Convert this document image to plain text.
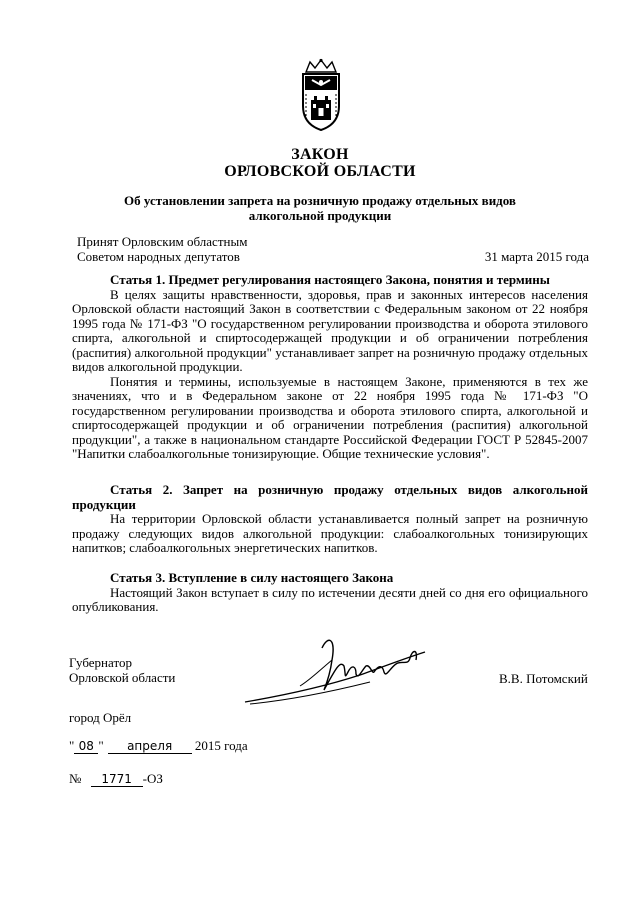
ЗАКОН
ОРЛОВСКОЙ ОБЛАСТИ
Об установлении запрета на розничную продажу отдельных видов
алкогольной продукции
Принят Орловским областным
Советом народных депутатов	31 марта 2015 года

Статья 1. Предмет регулирования настоящего Закона, понятия и термины

В целях защиты нравственности, здоровья, прав и законных интересов населения Орловской области настоящий Закон в соответствии с Федеральным законом от 22 ноября 1995 года № 171-ФЗ "О государственном регулировании производства и оборота этилового спирта, алкогольной и спиртосодержащей продукции и об ограничении потребления (распития) алкогольной продукции" устанавливает запрет на розничную продажу отдельных видов алкогольной продукции.

Понятия и термины, используемые в настоящем Законе, применяются в тех же значениях, что и в Федеральном законе от 22 ноября 1995 года № 171-ФЗ "О государственном регулировании производства и оборота этилового спирта, алкогольной и спиртосодержащей продукции и об ограничении потребления (распития) алкогольной продукции", а также в национальном стандарте Российской Федерации ГОСТ Р 52845-2007 "Напитки слабоалкогольные тонизирующие. Общие технические условия".

Статья 2. Запрет на розничную продажу отдельных видов алкогольной продукции

На территории Орловской области устанавливается полный запрет на розничную продажу следующих видов алкогольной продукции: слабоалкогольных тонизирующих напитков; слабоалкогольных энергетических напитков.

Статья 3. Вступление в силу настоящего Закона

Настоящий Закон вступает в силу по истечении десяти дней со дня его официального опубликования.

Губернатор
Орловской области	В.В. Потомский
город Орёл
" 08 " апреля 2015 года
№ 1771 -ОЗ
